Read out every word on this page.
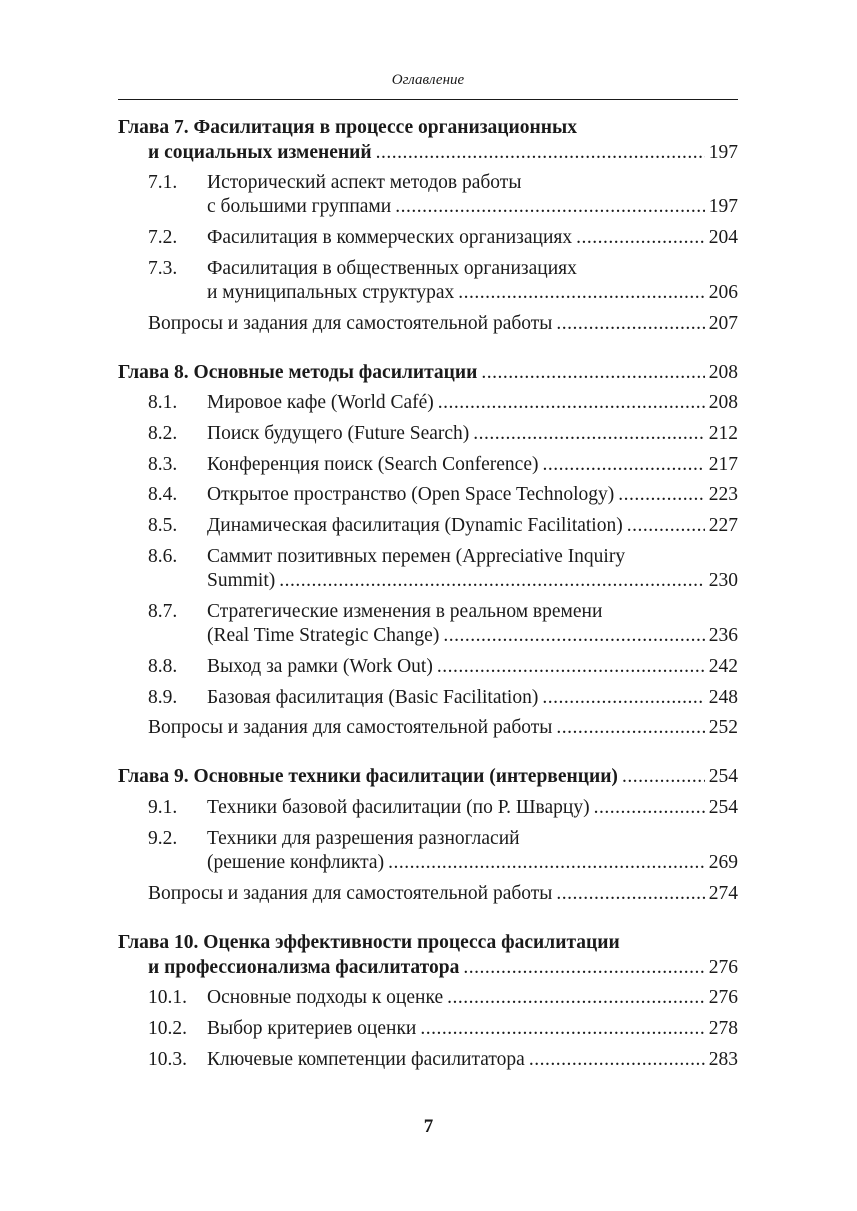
Оглавление
Глава 7. Фасилитация в процессе организационных
и социальных изменений .....	197
7.1. Исторический аспект методов работы
с большими группами .....	197
7.2. Фасилитация в коммерческих организациях .....	204
7.3. Фасилитация в общественных организациях
и муниципальных структурах .....	206
Вопросы и задания для самостоятельной работы .....	207
Глава 8. Основные методы фасилитации .....	208
8.1. Мировое кафе (World Café) .....	208
8.2. Поиск будущего (Future Search) .....	212
8.3. Конференция поиск (Search Conference) .....	217
8.4. Открытое пространство (Open Space Technology) .....	223
8.5. Динамическая фасилитация (Dynamic Facilitation) .....	227
8.6. Саммит позитивных перемен (Appreciative Inquiry
Summit) .....	230
8.7. Стратегические изменения в реальном времени
(Real Time Strategic Change) .....	236
8.8. Выход за рамки (Work Out) .....	242
8.9. Базовая фасилитация (Basic Facilitation) .....	248
Вопросы и задания для самостоятельной работы .....	252
Глава 9. Основные техники фасилитации (интервенции) .....	254
9.1. Техники базовой фасилитации (по Р. Шварцу) .....	254
9.2. Техники для разрешения разногласий
(решение конфликта) .....	269
Вопросы и задания для самостоятельной работы .....	274
Глава 10. Оценка эффективности процесса фасилитации
и профессионализма фасилитатора .....	276
10.1. Основные подходы к оценке .....	276
10.2. Выбор критериев оценки .....	278
10.3. Ключевые компетенции фасилитатора .....	283
7
